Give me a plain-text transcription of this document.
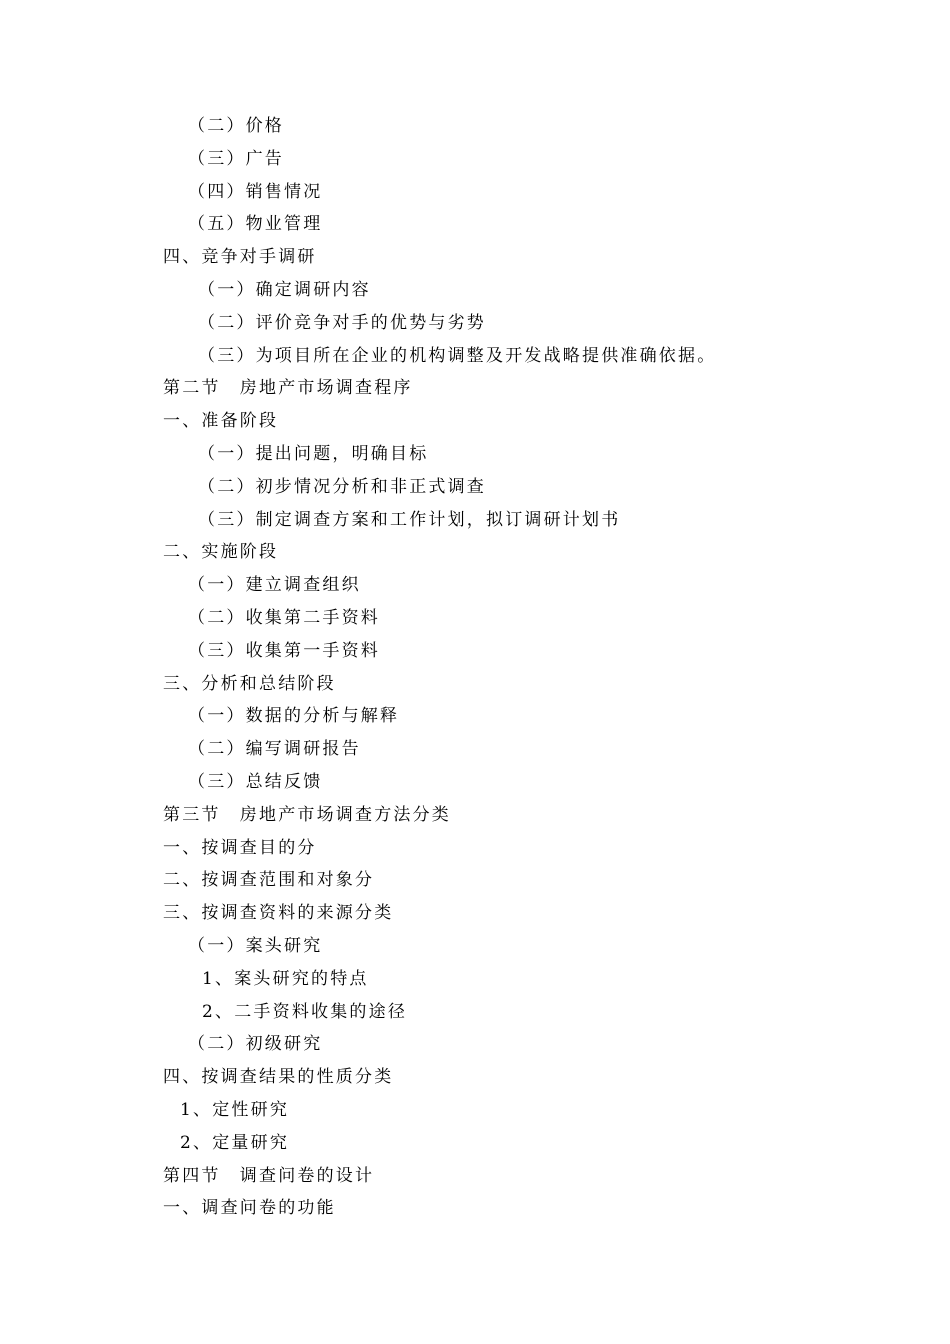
（二）价格
（三）广告
（四）销售情况
（五）物业管理
四、竞争对手调研
（一）确定调研内容
（二）评价竞争对手的优势与劣势
（三）为项目所在企业的机构调整及开发战略提供准确依据。
第二节　房地产市场调查程序
一、准备阶段
（一）提出问题，明确目标
（二）初步情况分析和非正式调查
（三）制定调查方案和工作计划，拟订调研计划书
二、实施阶段
（一）建立调查组织
（二）收集第二手资料
（三）收集第一手资料
三、分析和总结阶段
（一）数据的分析与解释
（二）编写调研报告
（三）总结反馈
第三节　房地产市场调查方法分类
一、按调查目的分
二、按调查范围和对象分
三、按调查资料的来源分类
（一）案头研究
1、案头研究的特点
2、二手资料收集的途径
（二）初级研究
四、按调查结果的性质分类
1、定性研究
2、定量研究
第四节　调查问卷的设计
一、调查问卷的功能
